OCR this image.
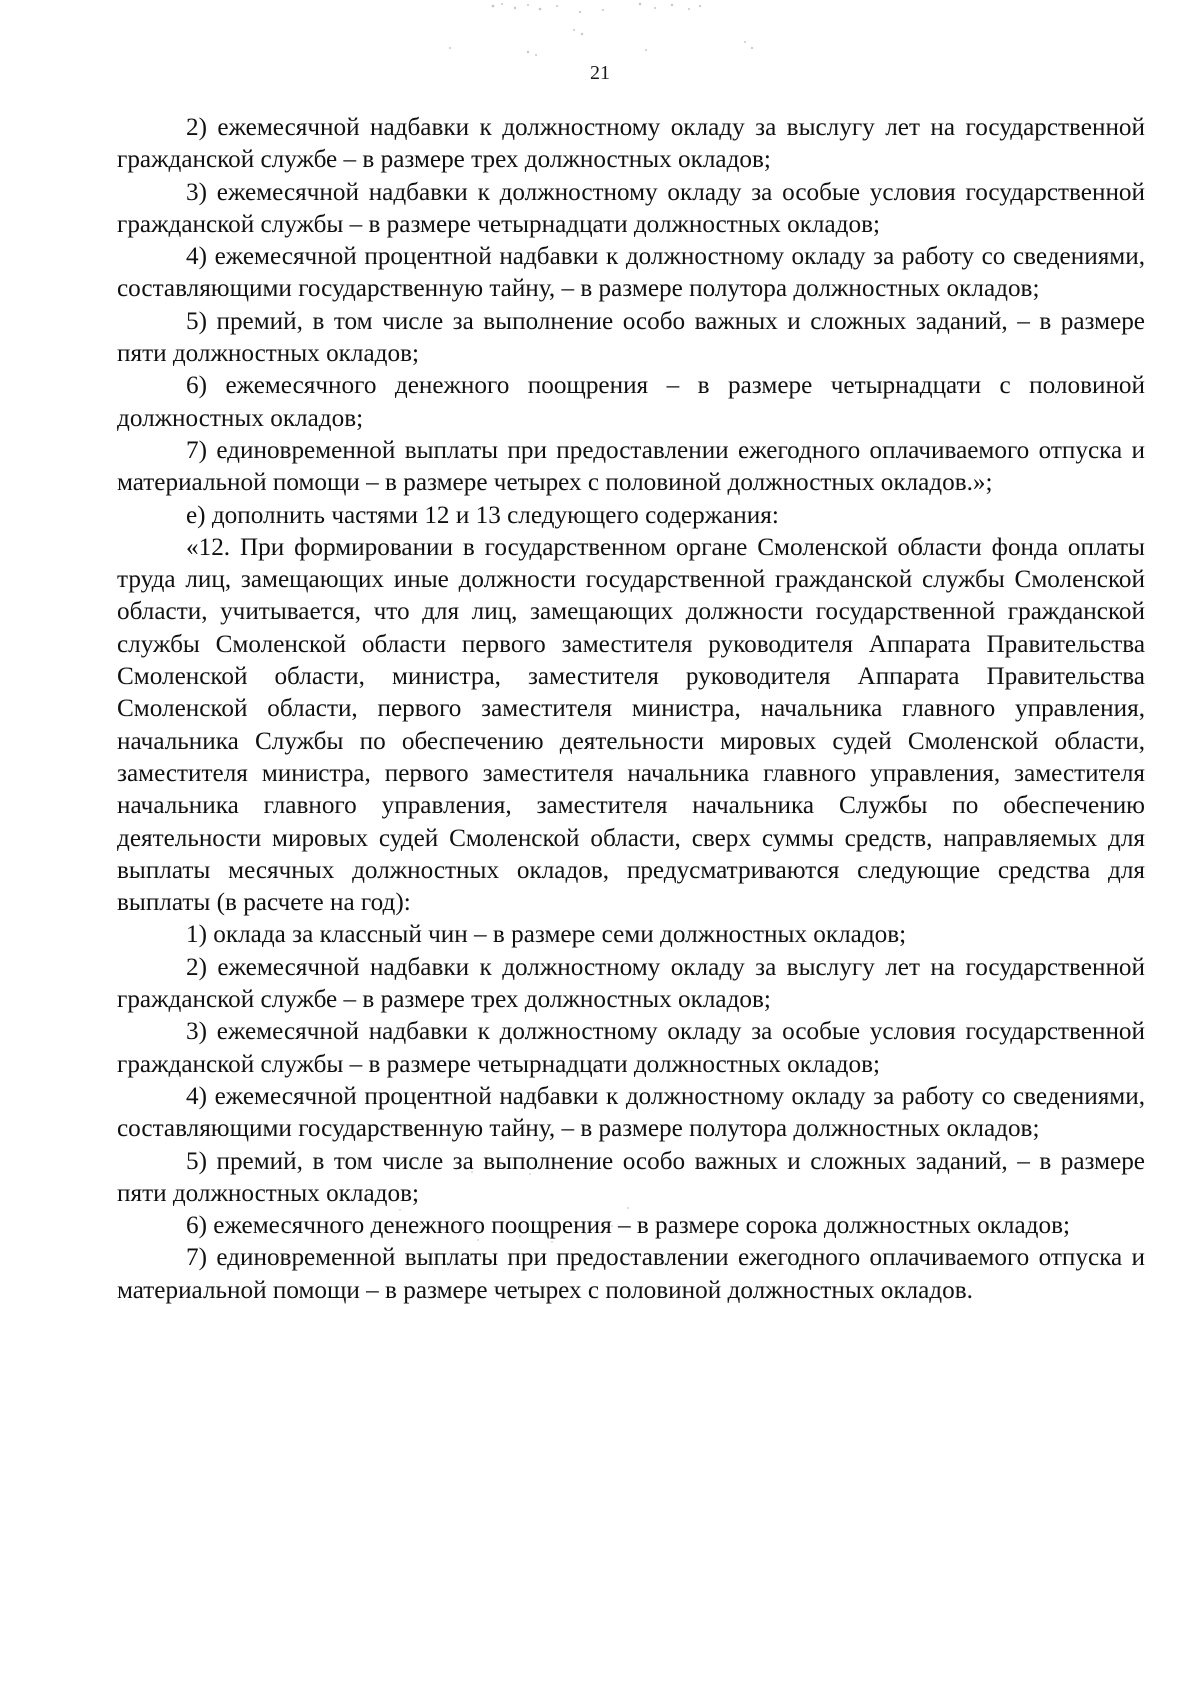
21

2) ежемесячной надбавки к должностному окладу за выслугу лет на государственной гражданской службе – в размере трех должностных окладов;

3) ежемесячной надбавки к должностному окладу за особые условия государственной гражданской службы – в размере четырнадцати должностных окладов;

4) ежемесячной процентной надбавки к должностному окладу за работу со сведениями, составляющими государственную тайну, – в размере полутора должностных окладов;

5) премий, в том числе за выполнение особо важных и сложных заданий, – в размере пяти должностных окладов;

6) ежемесячного денежного поощрения – в размере четырнадцати с половиной должностных окладов;

7) единовременной выплаты при предоставлении ежегодного оплачиваемого отпуска и материальной помощи – в размере четырех с половиной должностных окладов.»;

е) дополнить частями 12 и 13 следующего содержания:

«12. При формировании в государственном органе Смоленской области фонда оплаты труда лиц, замещающих иные должности государственной гражданской службы Смоленской области, учитывается, что для лиц, замещающих должности государственной гражданской службы Смоленской области первого заместителя руководителя Аппарата Правительства Смоленской области, министра, заместителя руководителя Аппарата Правительства Смоленской области, первого заместителя министра, начальника главного управления, начальника Службы по обеспечению деятельности мировых судей Смоленской области, заместителя министра, первого заместителя начальника главного управления, заместителя начальника главного управления, заместителя начальника Службы по обеспечению деятельности мировых судей Смоленской области, сверх суммы средств, направляемых для выплаты месячных должностных окладов, предусматриваются следующие средства для выплаты (в расчете на год):

1) оклада за классный чин – в размере семи должностных окладов;

2) ежемесячной надбавки к должностному окладу за выслугу лет на государственной гражданской службе – в размере трех должностных окладов;

3) ежемесячной надбавки к должностному окладу за особые условия государственной гражданской службы – в размере четырнадцати должностных окладов;

4) ежемесячной процентной надбавки к должностному окладу за работу со сведениями, составляющими государственную тайну, – в размере полутора должностных окладов;

5) премий, в том числе за выполнение особо важных и сложных заданий, – в размере пяти должностных окладов;

6) ежемесячного денежного поощрения – в размере сорока должностных окладов;

7) единовременной выплаты при предоставлении ежегодного оплачиваемого отпуска и материальной помощи – в размере четырех с половиной должностных окладов.
